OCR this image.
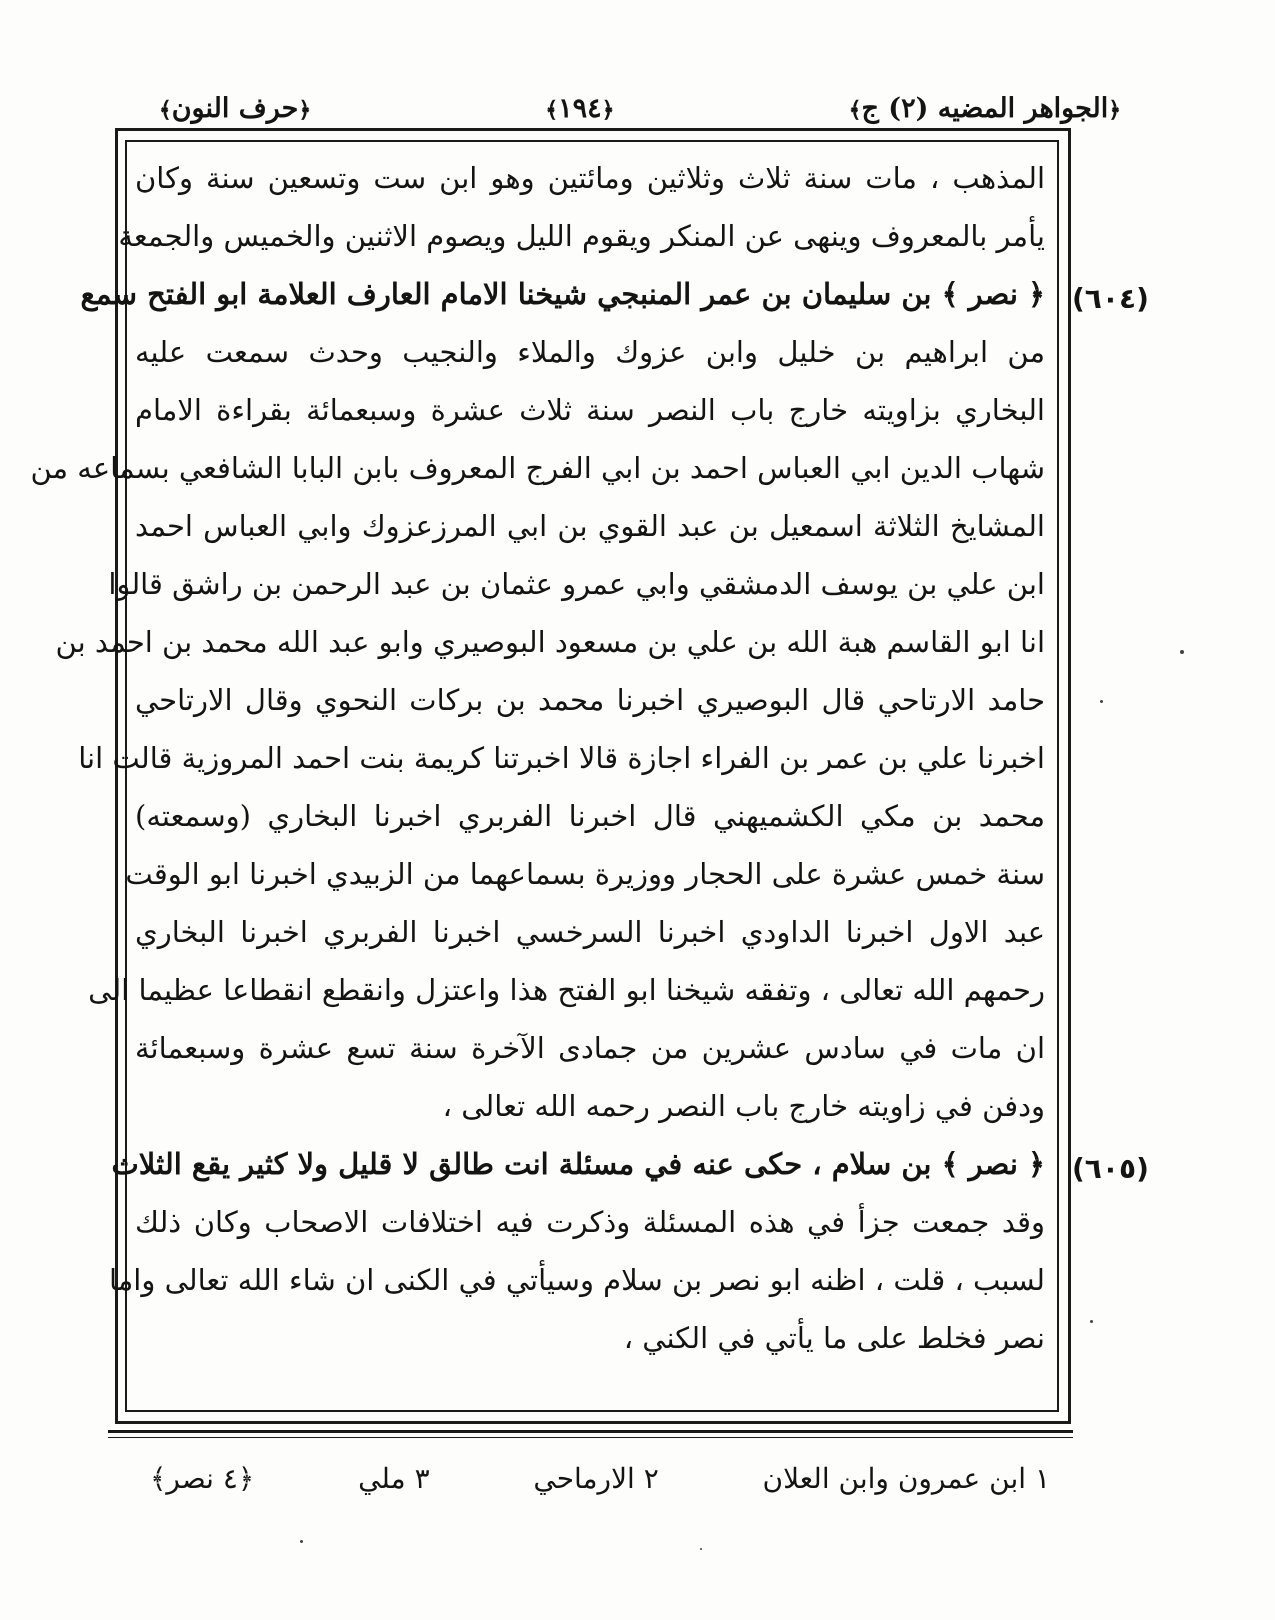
﴿الجواهر المضيه (٢) ج﴾
﴿١٩٤﴾
﴿حرف النون﴾
المذهب ، مات سنة ثلاث وثلاثين ومائتين وهو ابن ست وتسعين سنة وكان
يأمر بالمعروف وينهى عن المنكر ويقوم الليل ويصوم الاثنين والخميس والجمعة
﴿ نصر ﴾ بن سليمان بن عمر المنبجي شيخنا الامام العارف العلامة ابو الفتح سمع
من ابراهيم بن خليل وابن عزوك والملاء والنجيب وحدث سمعت عليه
البخاري بزاويته خارج باب النصر سنة ثلاث عشرة وسبعمائة بقراءة الامام
شهاب الدين ابي العباس احمد بن ابي الفرج المعروف بابن البابا الشافعي بسماعه من
المشايخ الثلاثة اسمعيل بن عبد القوي بن ابي المرزعزوك وابي العباس احمد
ابن علي بن يوسف الدمشقي وابي عمرو عثمان بن عبد الرحمن بن راشق قالوا
انا ابو القاسم هبة الله بن علي بن مسعود البوصيري وابو عبد الله محمد بن احمد بن
حامد الارتاحي قال البوصيري اخبرنا محمد بن بركات النحوي وقال الارتاحي
اخبرنا علي بن عمر بن الفراء اجازة قالا اخبرتنا كريمة بنت احمد المروزية قالت انا
محمد بن مكي الكشميهني قال اخبرنا الفربري اخبرنا البخاري (وسمعته)
سنة خمس عشرة على الحجار ووزيرة بسماعهما من الزبيدي اخبرنا ابو الوقت
عبد الاول اخبرنا الداودي اخبرنا السرخسي اخبرنا الفربري اخبرنا البخاري
رحمهم الله تعالى ، وتفقه شيخنا ابو الفتح هذا واعتزل وانقطع انقطاعا عظيما الى
ان مات في سادس عشرين من جمادى الآخرة سنة تسع عشرة وسبعمائة
ودفن في زاويته خارج باب النصر رحمه الله تعالى ،
﴿ نصر ﴾ بن سلام ، حكى عنه في مسئلة انت طالق لا قليل ولا كثير يقع الثلاث
وقد جمعت جزأ في هذه المسئلة وذكرت فيه اختلافات الاصحاب وكان ذلك
لسبب ، قلت ، اظنه ابو نصر بن سلام وسيأتي في الكنى ان شاء الله تعالى واما
نصر فخلط على ما يأتي في الكني ،
(٦٠٤)
(٦٠٥)
١ ابن عمرون وابن العلان
٢ الارماحي
٣ ملي
﴿٤ نصر﴾
